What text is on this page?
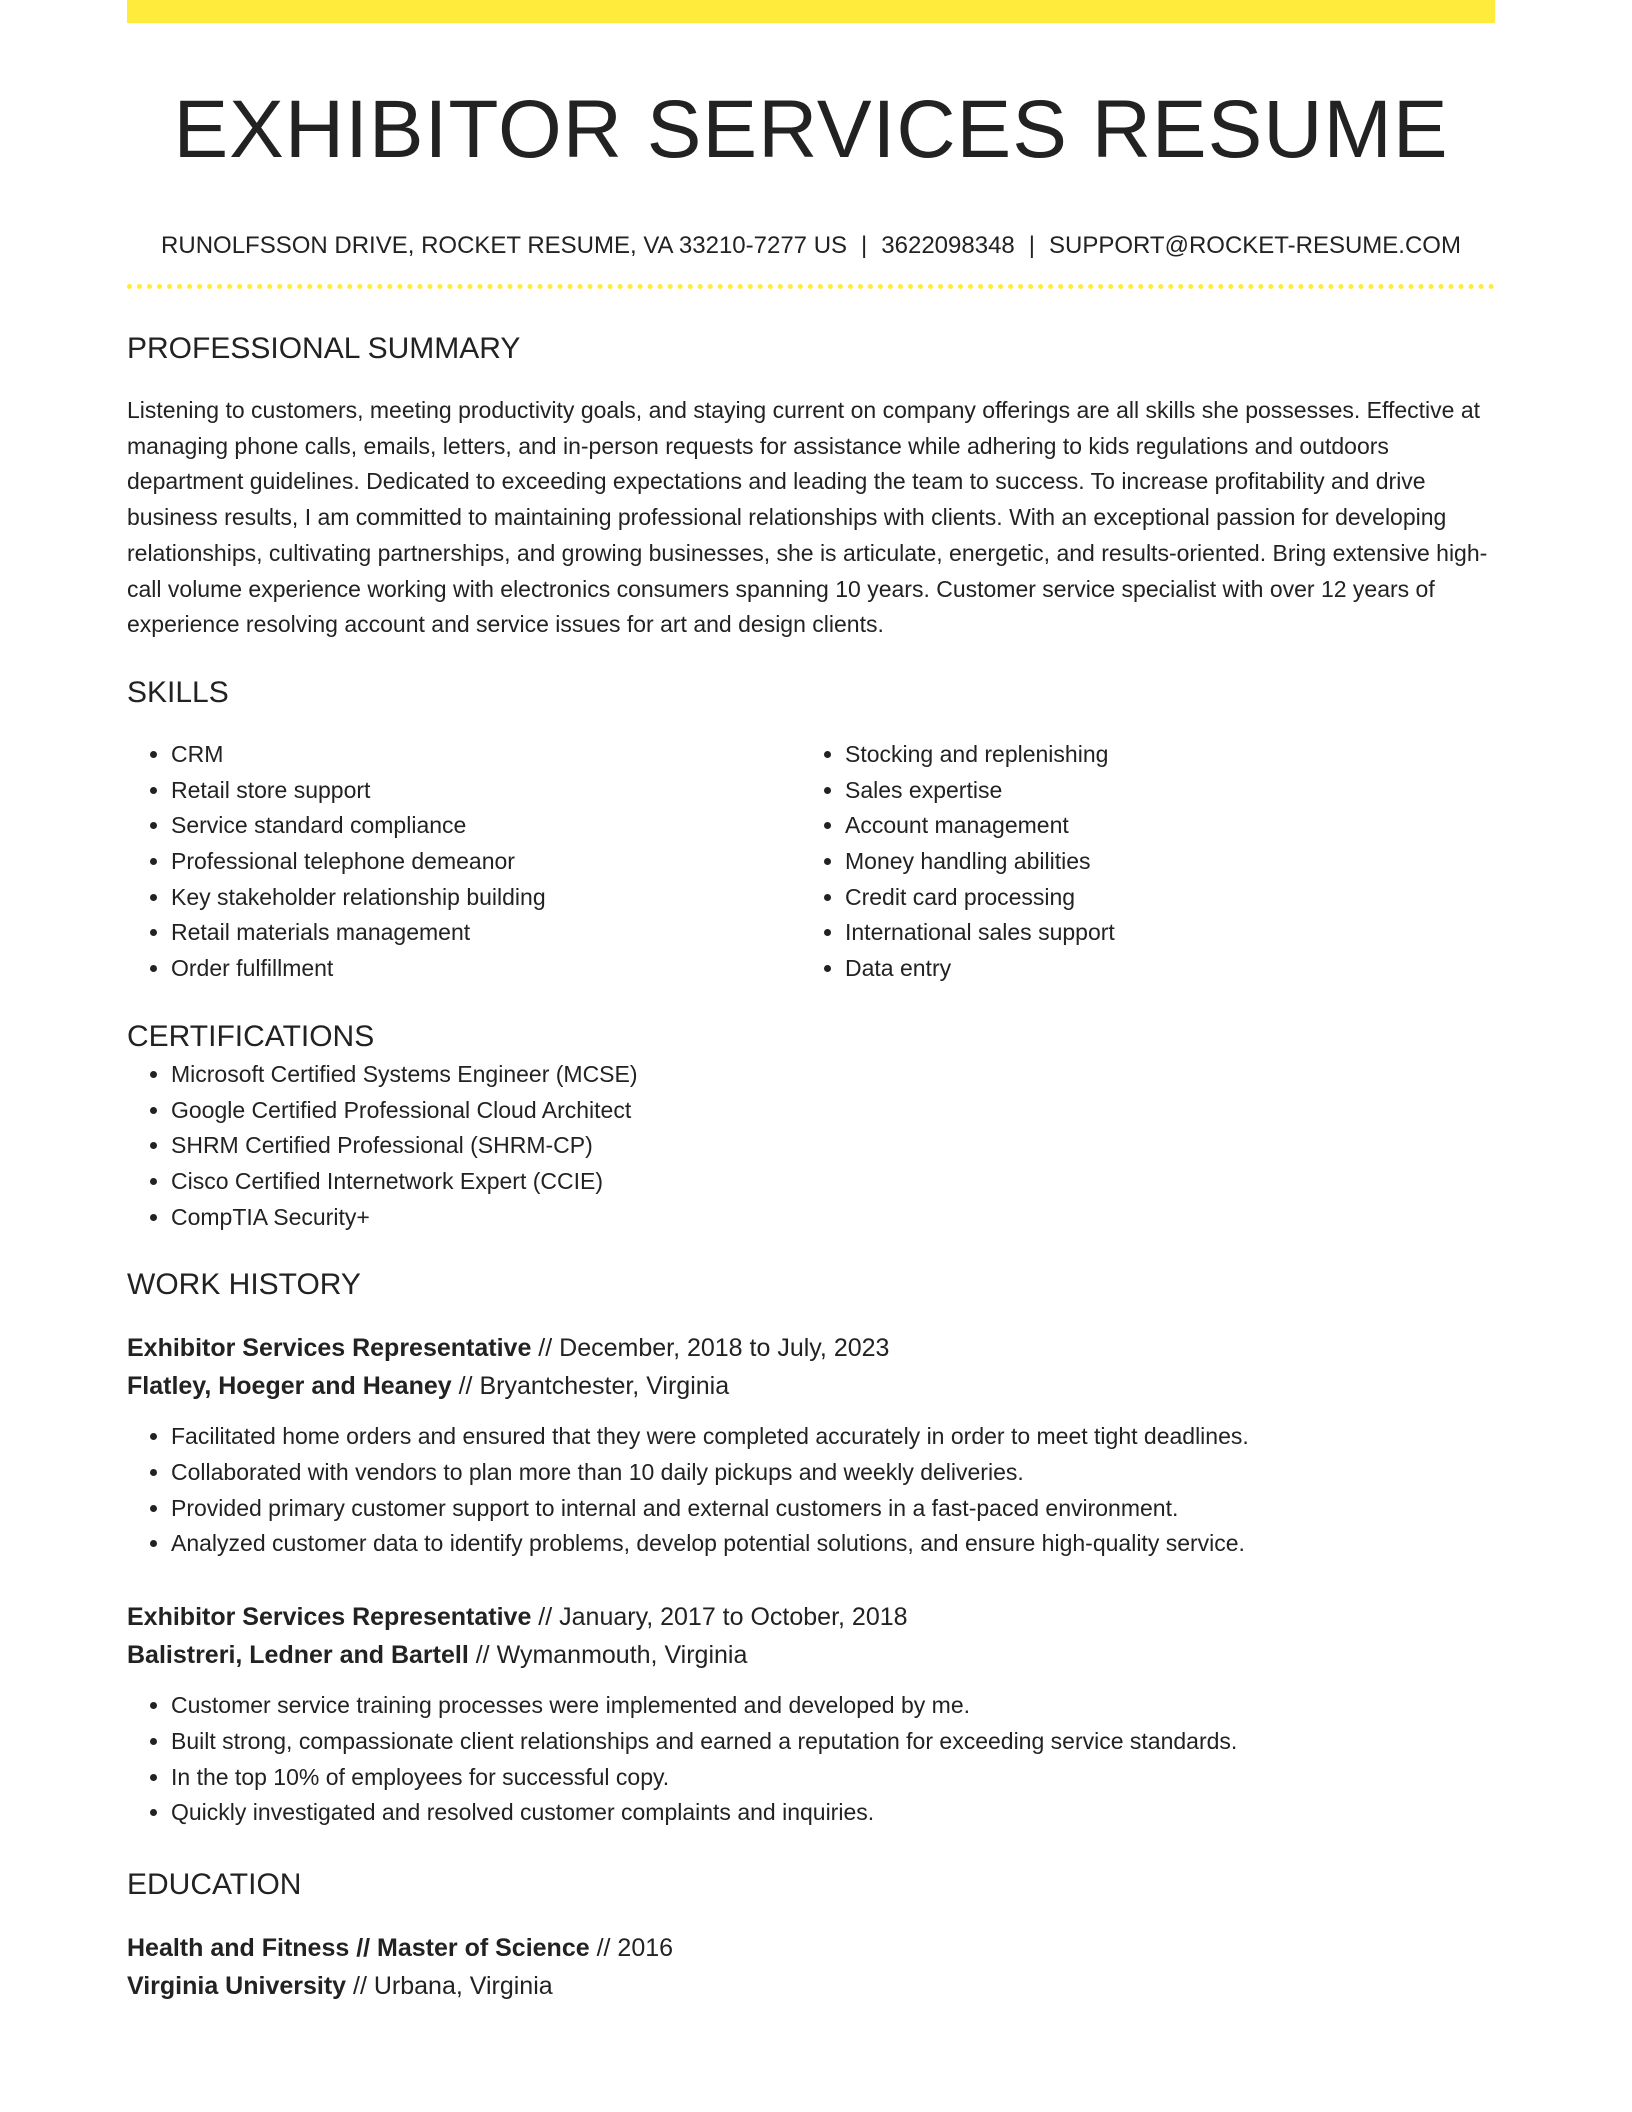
EXHIBITOR SERVICES RESUME
RUNOLFSSON DRIVE, ROCKET RESUME, VA 33210-7277 US | 3622098348 | SUPPORT@ROCKET-RESUME.COM
PROFESSIONAL SUMMARY

Listening to customers, meeting productivity goals, and staying current on company offerings are all skills she possesses. Effective at managing phone calls, emails, letters, and in-person requests for assistance while adhering to kids regulations and outdoors department guidelines. Dedicated to exceeding expectations and leading the team to success. To increase profitability and drive business results, I am committed to maintaining professional relationships with clients. With an exceptional passion for developing relationships, cultivating partnerships, and growing businesses, she is articulate, energetic, and results-oriented. Bring extensive high-call volume experience working with electronics consumers spanning 10 years. Customer service specialist with over 12 years of experience resolving account and service issues for art and design clients.

SKILLS
• CRM
• Retail store support
• Service standard compliance
• Professional telephone demeanor
• Key stakeholder relationship building
• Retail materials management
• Order fulfillment
• Stocking and replenishing
• Sales expertise
• Account management
• Money handling abilities
• Credit card processing
• International sales support
• Data entry
CERTIFICATIONS
• Microsoft Certified Systems Engineer (MCSE)
• Google Certified Professional Cloud Architect
• SHRM Certified Professional (SHRM-CP)
• Cisco Certified Internetwork Expert (CCIE)
• CompTIA Security+
WORK HISTORY
Exhibitor Services Representative // December, 2018 to July, 2023
Flatley, Hoeger and Heaney // Bryantchester, Virginia
• Facilitated home orders and ensured that they were completed accurately in order to meet tight deadlines.
• Collaborated with vendors to plan more than 10 daily pickups and weekly deliveries.
• Provided primary customer support to internal and external customers in a fast-paced environment.
• Analyzed customer data to identify problems, develop potential solutions, and ensure high-quality service.
Exhibitor Services Representative // January, 2017 to October, 2018
Balistreri, Ledner and Bartell // Wymanmouth, Virginia
• Customer service training processes were implemented and developed by me.
• Built strong, compassionate client relationships and earned a reputation for exceeding service standards.
• In the top 10% of employees for successful copy.
• Quickly investigated and resolved customer complaints and inquiries.
EDUCATION
Health and Fitness // Master of Science // 2016
Virginia University // Urbana, Virginia
